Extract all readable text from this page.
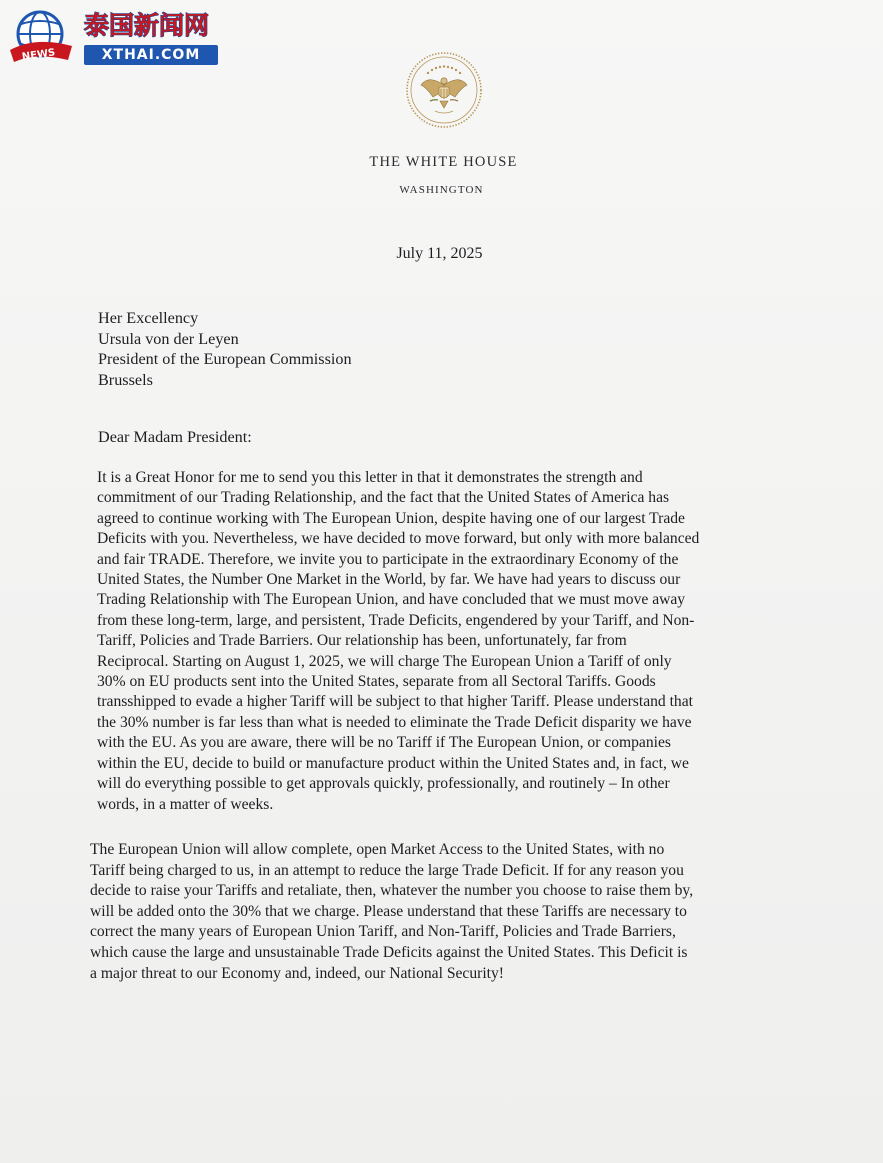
NEWS
泰国新闻网
XTHAI.COM
THE WHITE HOUSE
WASHINGTON
July 11, 2025
Her Excellency
Ursula von der Leyen
President of the European Commission
Brussels
Dear Madam President:
It is a Great Honor for me to send you this letter in that it demonstrates the strength and
commitment of our Trading Relationship, and the fact that the United States of America has
agreed to continue working with The European Union, despite having one of our largest Trade
Deficits with you. Nevertheless, we have decided to move forward, but only with more balanced
and fair TRADE. Therefore, we invite you to participate in the extraordinary Economy of the
United States, the Number One Market in the World, by far. We have had years to discuss our
Trading Relationship with The European Union, and have concluded that we must move away
from these long-term, large, and persistent, Trade Deficits, engendered by your Tariff, and Non-
Tariff, Policies and Trade Barriers. Our relationship has been, unfortunately, far from
Reciprocal. Starting on August 1, 2025, we will charge The European Union a Tariff of only
30% on EU products sent into the United States, separate from all Sectoral Tariffs. Goods
transshipped to evade a higher Tariff will be subject to that higher Tariff. Please understand that
the 30% number is far less than what is needed to eliminate the Trade Deficit disparity we have
with the EU. As you are aware, there will be no Tariff if The European Union, or companies
within the EU, decide to build or manufacture product within the United States and, in fact, we
will do everything possible to get approvals quickly, professionally, and routinely – In other
words, in a matter of weeks.
The European Union will allow complete, open Market Access to the United States, with no
Tariff being charged to us, in an attempt to reduce the large Trade Deficit. If for any reason you
decide to raise your Tariffs and retaliate, then, whatever the number you choose to raise them by,
will be added onto the 30% that we charge. Please understand that these Tariffs are necessary to
correct the many years of European Union Tariff, and Non-Tariff, Policies and Trade Barriers,
which cause the large and unsustainable Trade Deficits against the United States. This Deficit is
a major threat to our Economy and, indeed, our National Security!
